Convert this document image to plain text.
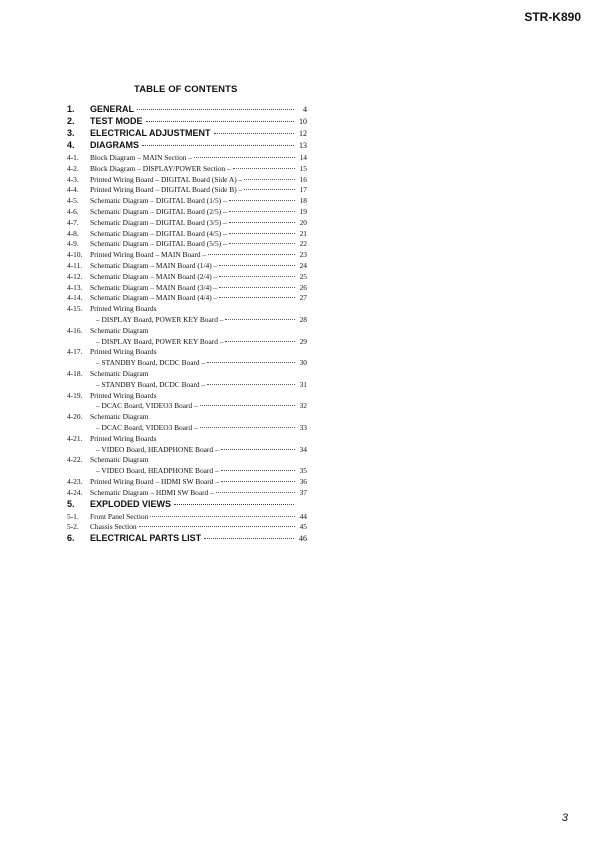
STR-K890
TABLE OF CONTENTS
1.	GENERAL	4
2.	TEST MODE	10
3.	ELECTRICAL ADJUSTMENT	12
4.	DIAGRAMS	13
4-1.	Block Diagram – MAIN Section –	14
4-2.	Block Diagram – DISPLAY/POWER Section –	15
4-3.	Printed Wiring Board – DIGITAL Board (Side A) –	16
4-4.	Printed Wiring Board – DIGITAL Board (Side B) –	17
4-5.	Schematic Diagram – DIGITAL Board (1/5) –	18
4-6.	Schematic Diagram – DIGITAL Board (2/5) –	19
4-7.	Schematic Diagram – DIGITAL Board (3/5) –	20
4-8.	Schematic Diagram – DIGITAL Board (4/5) –	21
4-9.	Schematic Diagram – DIGITAL Board (5/5) –	22
4-10.	Printed Wiring Board – MAIN Board –	23
4-11.	Schematic Diagram – MAIN Board (1/4) –	24
4-12.	Schematic Diagram – MAIN Board (2/4) –	25
4-13.	Schematic Diagram – MAIN Board (3/4) –	26
4-14.	Schematic Diagram – MAIN Board (4/4) –	27
4-15.	Printed Wiring Boards
– DISPLAY Board, POWER KEY Board –	28
4-16.	Schematic Diagram
– DISPLAY Board, POWER KEY Board –	29
4-17.	Printed Wiring Boards
– STANDBY Board, DCDC Board –	30
4-18.	Schematic Diagram
– STANDBY Board, DCDC Board –	31
4-19.	Printed Wiring Boards
– DCAC Board, VIDEO3 Board –	32
4-20.	Schematic Diagram
– DCAC Board, VIDEO3 Board –	33
4-21.	Printed Wiring Boards
– VIDEO Board, HEADPHONE Board –	34
4-22.	Schematic Diagram
– VIDEO Board, HEADPHONE Board –	35
4-23.	Printed Wiring Board – HDMI SW Board –	36
4-24.	Schematic Diagram – HDMI SW Board –	37
5.	EXPLODED VIEWS
5-1.	Front Panel Section	44
5-2.	Chassis Section	45
6.	ELECTRICAL PARTS LIST	46
3
